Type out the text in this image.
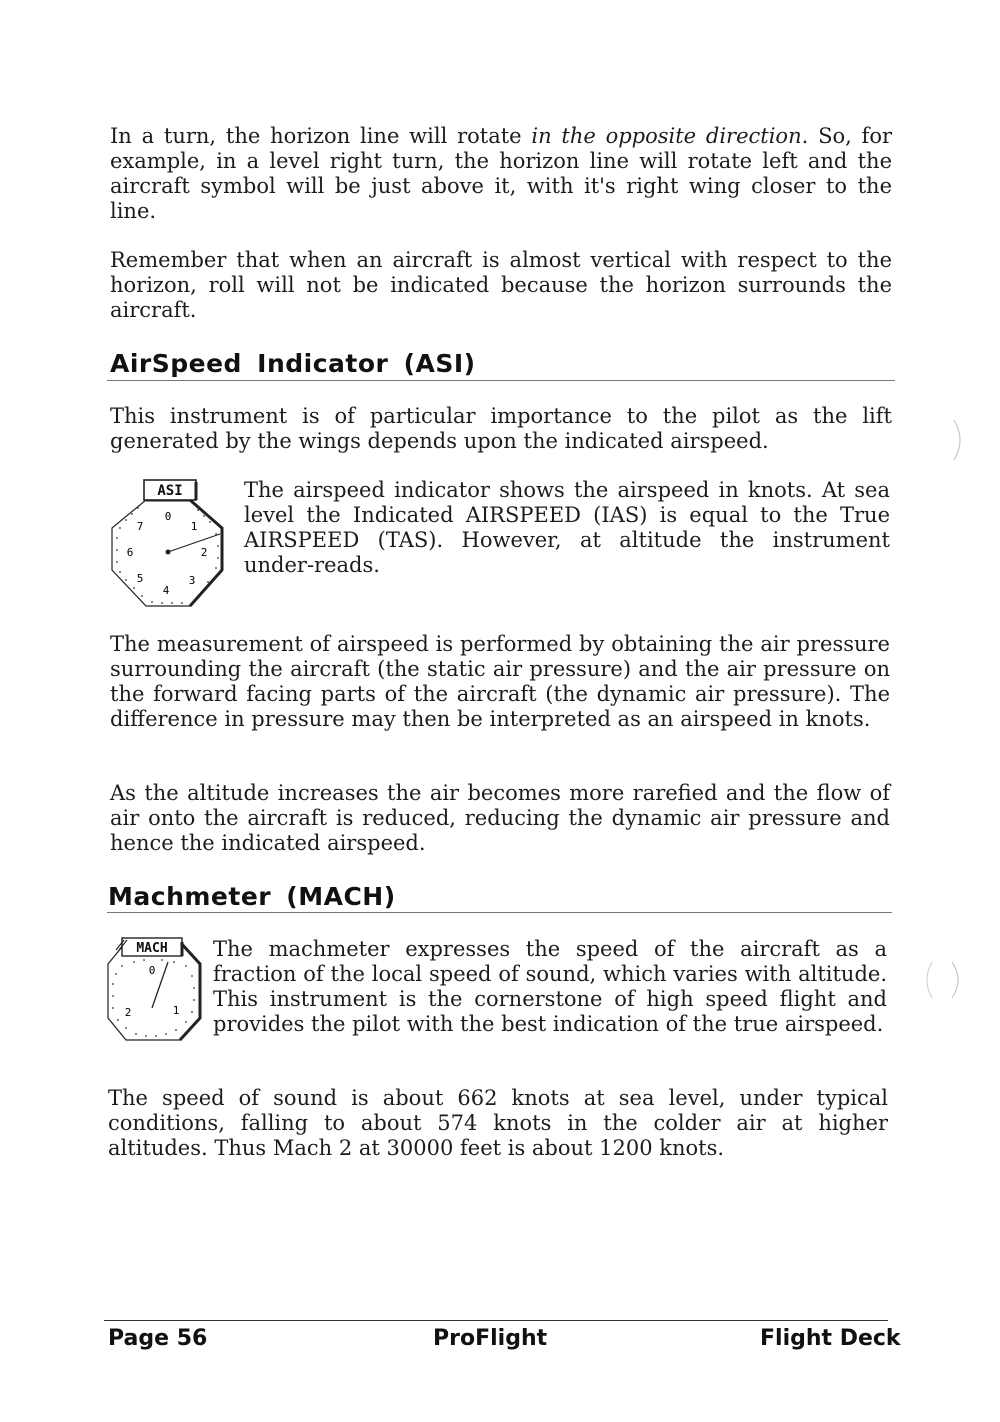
In a turn, the horizon line will rotate in the opposite direction. So, for example, in a level right turn, the horizon line will rotate left and the aircraft symbol will be just above it, with it's right wing closer to the line.

Remember that when an aircraft is almost vertical with respect to the horizon, roll will not be indicated because the horizon surrounds the aircraft.

AirSpeed Indicator (ASI)

This instrument is of particular importance to the pilot as the lift generated by the wings depends upon the indicated airspeed.

ASI
0
1
2
3
4
5
6
7

The airspeed indicator shows the airspeed in knots. At sea level the Indicated AIRSPEED (IAS) is equal to the True AIRSPEED (TAS). However, at altitude the instrument under-reads.

The measurement of airspeed is performed by obtaining the air pressure surrounding the aircraft (the static air pressure) and the air pressure on the forward facing parts of the aircraft (the dynamic air pressure). The difference in pressure may then be interpreted as an airspeed in knots.

As the altitude increases the air becomes more rarefied and the flow of air onto the aircraft is reduced, reducing the dynamic air pressure and hence the indicated airspeed.

Machmeter (MACH)
MACH
0
1
2

The machmeter expresses the speed of the aircraft as a fraction of the local speed of sound, which varies with altitude. This instrument is the cornerstone of high speed flight and provides the pilot with the best indication of the true airspeed.

The speed of sound is about 662 knots at sea level, under typical conditions, falling to about 574 knots in the colder air at higher altitudes. Thus Mach 2 at 30000 feet is about 1200 knots.

Page 56	ProFlight	Flight Deck
